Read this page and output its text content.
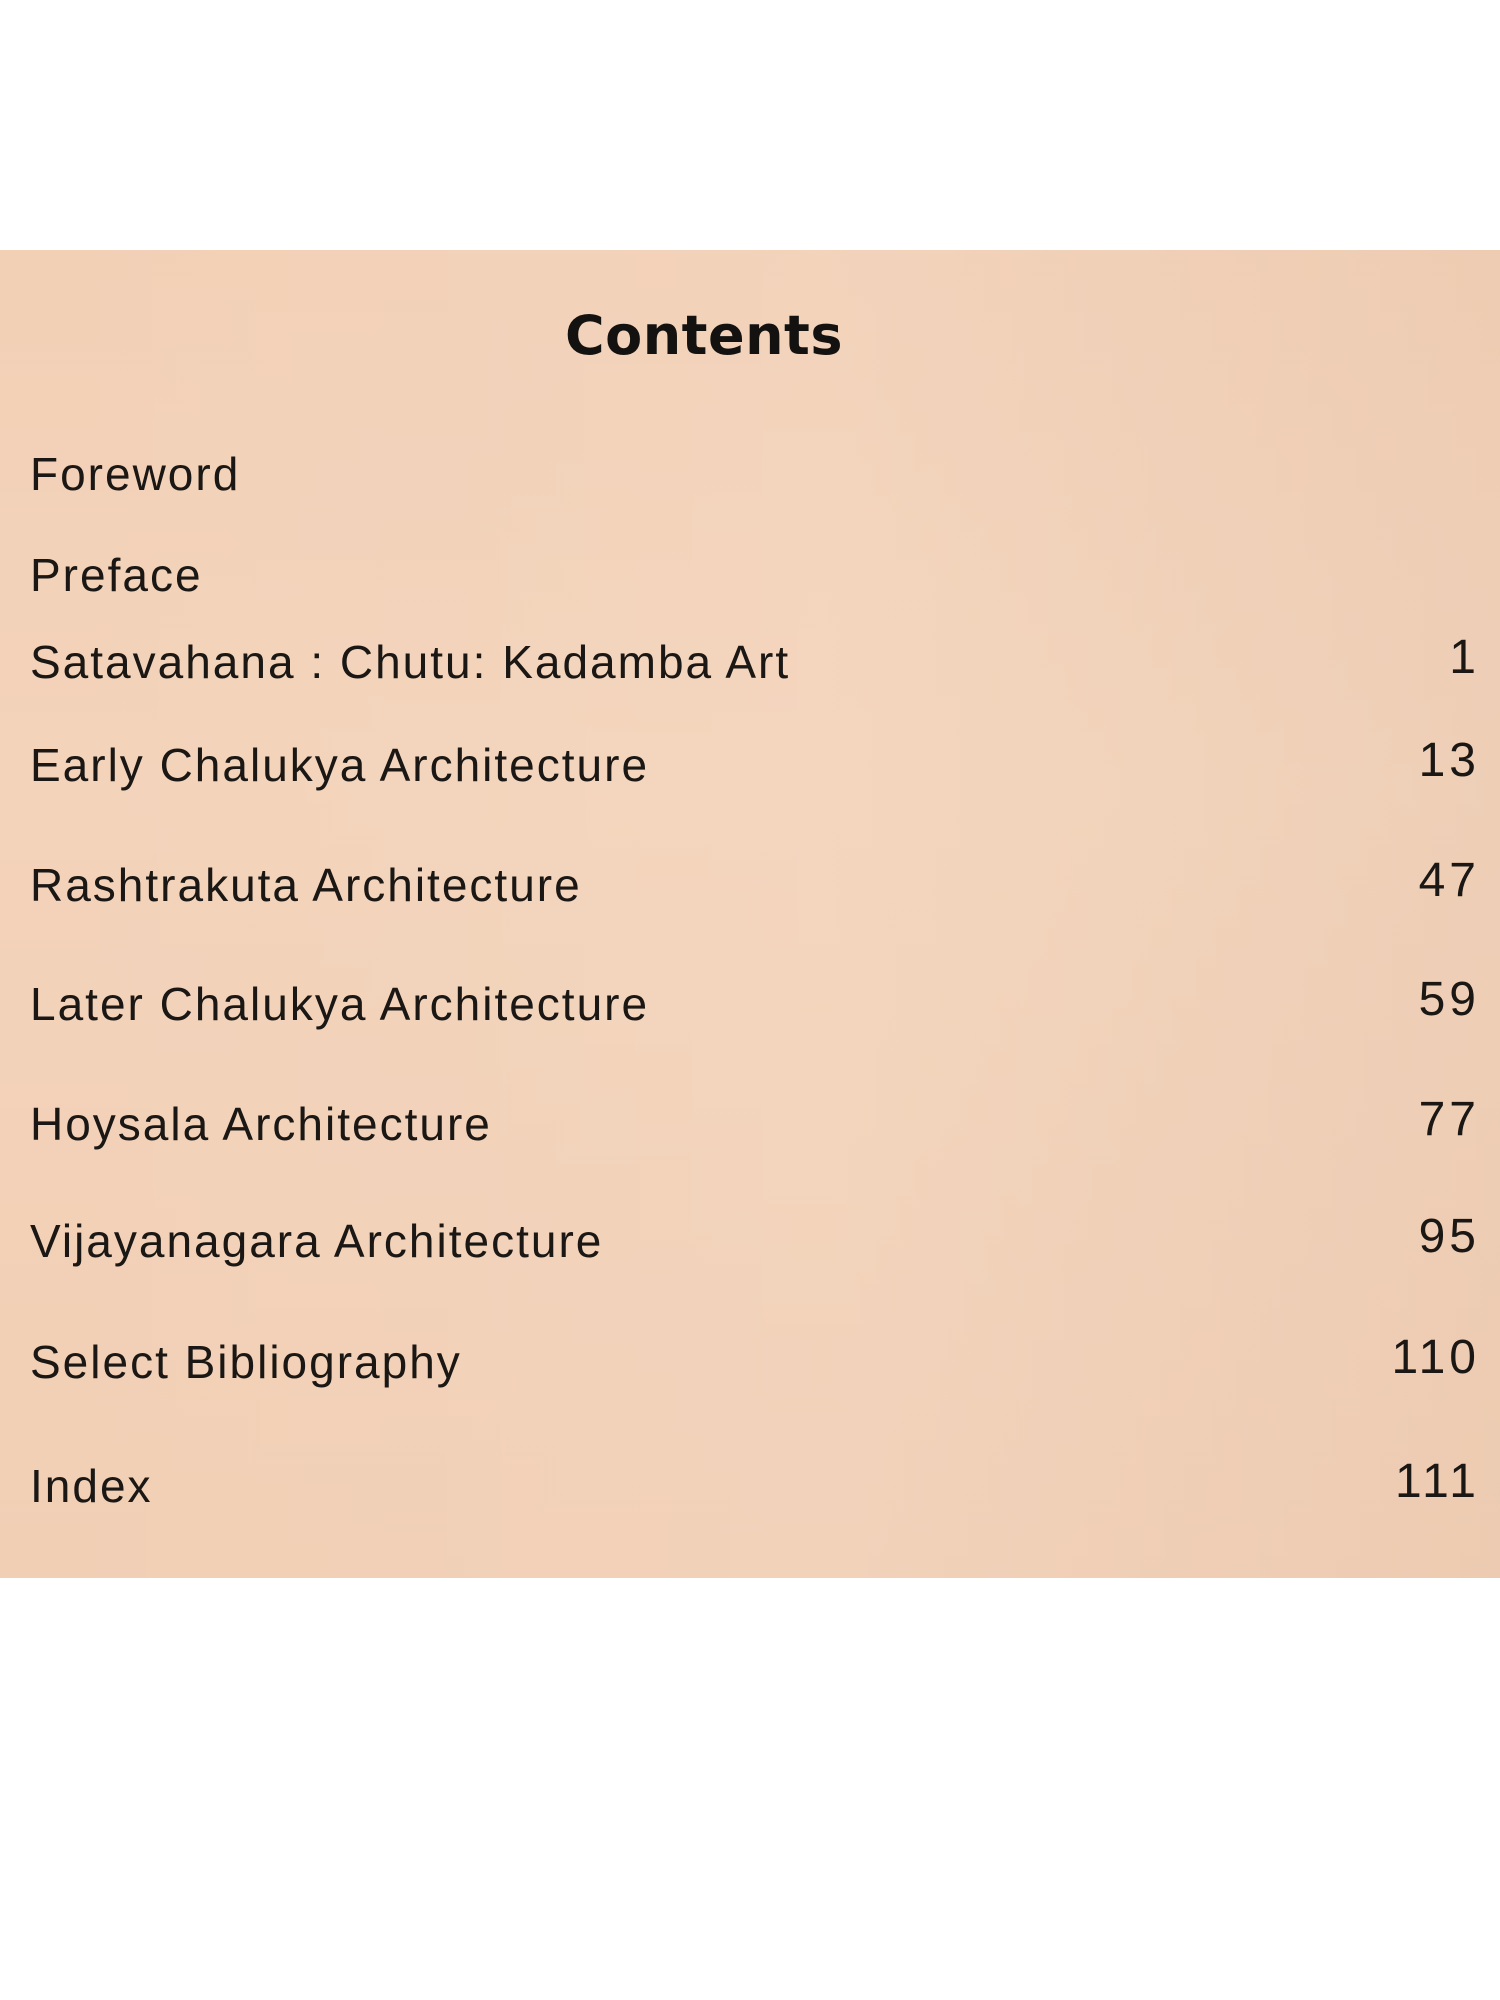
Contents
Foreword
Preface
Satavahana : Chutu: Kadamba Art	1
Early Chalukya Architecture	13
Rashtrakuta Architecture	47
Later Chalukya Architecture	59
Hoysala Architecture	77
Vijayanagara Architecture	95
Select Bibliography	110
Index	111
